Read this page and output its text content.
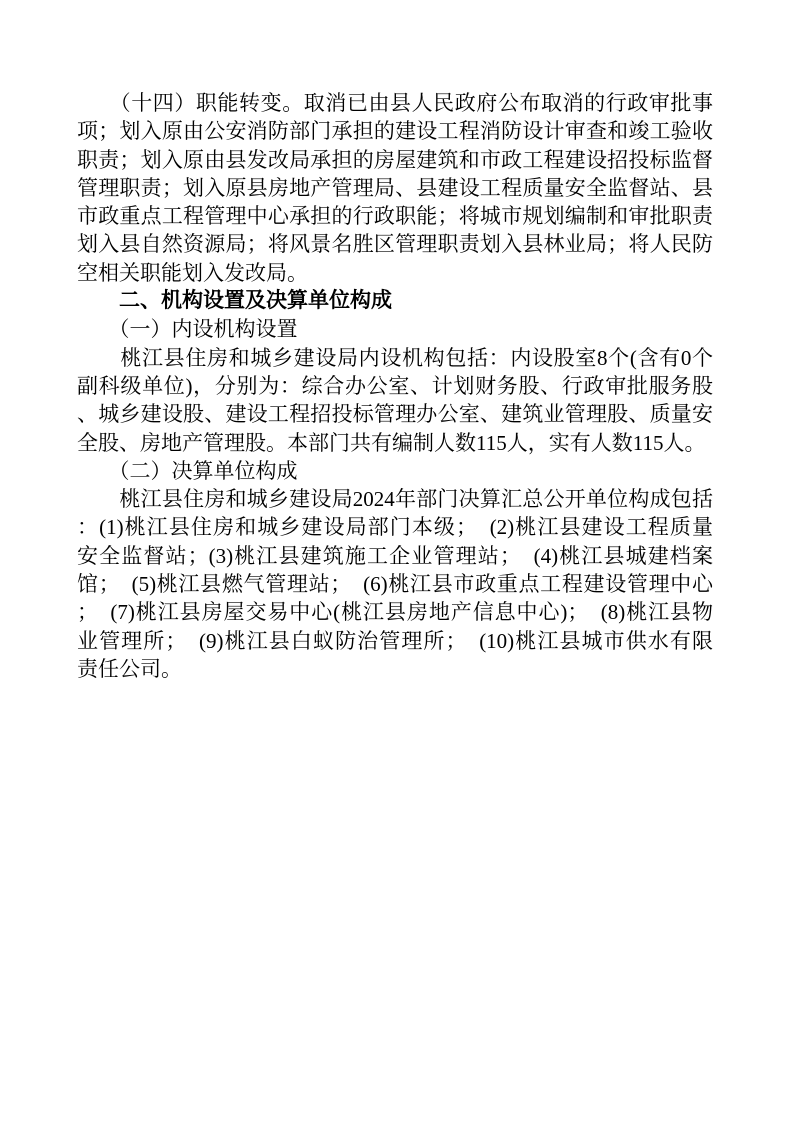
　　（十四）职能转变。取消已由县人民政府公布取消的行政审批事
项；划入原由公安消防部门承担的建设工程消防设计审查和竣工验收
职责；划入原由县发改局承担的房屋建筑和市政工程建设招投标监督
管理职责；划入原县房地产管理局、县建设工程质量安全监督站、县
市政重点工程管理中心承担的行政职能；将城市规划编制和审批职责
划入县自然资源局；将风景名胜区管理职责划入县林业局；将人民防
空相关职能划入发改局。
　　二、机构设置及决算单位构成
　　（一）内设机构设置
　　桃江县住房和城乡建设局内设机构包括：内设股室8个(含有0个
副科级单位)，分别为：综合办公室、计划财务股、行政审批服务股
、城乡建设股、建设工程招投标管理办公室、建筑业管理股、质量安
全股、房地产管理股。本部门共有编制人数115人，实有人数115人。
　　（二）决算单位构成
　　桃江县住房和城乡建设局2024年部门决算汇总公开单位构成包括
：(1)桃江县住房和城乡建设局部门本级；　(2)桃江县建设工程质量
安全监督站；(3)桃江县建筑施工企业管理站；　(4)桃江县城建档案
馆；　(5)桃江县燃气管理站；　(6)桃江县市政重点工程建设管理中心
；　(7)桃江县房屋交易中心(桃江县房地产信息中心)；　(8)桃江县物
业管理所；　(9)桃江县白蚁防治管理所；　(10)桃江县城市供水有限
责任公司。
